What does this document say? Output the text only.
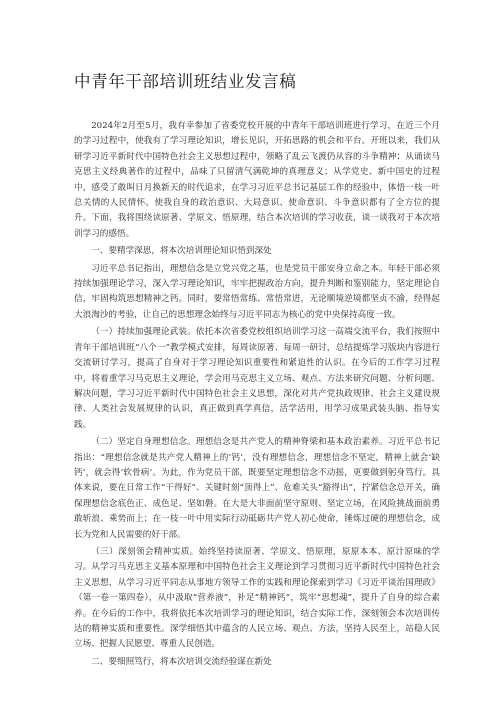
中青年干部培训班结业发言稿

2024年2月至5月，我有幸参加了省委党校开展的中青年干部培训班进行学习，在近三个月的学习过程中，使我有了学习理论知识，增长见识，开拓思路的机会和平台。开班以来，我们从研学习近平新时代中国特色社会主义思想过程中，领略了乱云飞渡仍从容的斗争精神；从诵读马克思主义经典著作的过程中，品味了只留清气满乾坤的真理意义；从学党史、新中国史的过程中，感受了敢叫日月换新天的时代追求，在学习习近平总书记基层工作的经验中，体悟一枝一叶总关情的人民情怀。使我自身的政治意识、大局意识、使命意识、斗争意识都有了全方位的提升。下面，我将围绕读原著、学原文、悟原理，结合本次培训的学习收获，谈一谈我对于本次培训学习的感悟。

一、要精学深思，将本次培训理论知识悟到深处

习近平总书记指出，理想信念是立党兴党之基，也是党员干部安身立命之本。年轻干部必须持续加强理论学习，深入学习理论知识，牢牢把握政治方向，提升判断和鉴别能力，坚定理论自信，牢固构筑思想精神之钙。同时，要常悟常练、常悟常进，无论顺境逆境都坚贞不渝，经得起大浪淘沙的考验，让自己的思想理念始终与习近平同志为核心的党中央保持高度一致。

（一）持续加强理论武装。依托本次省委党校组织培训学习这一高端交流平台，我们按照中青年干部培训班“八个一”教学模式安排，每周读原著、每周一研讨，总结提炼学习版块内容进行交流研讨学习，提高了自身对于学习理论知识重要性和紧迫性的认识。在今后的工作学习过程中，将着重学习马克思主义理论，学会用马克思主义立场、观点、方法来研究问题、分析问题、解决问题，学习习近平新时代中国特色社会主义思想，深化对共产党执政规律、社会主义建设规律、人类社会发展规律的认识，真正做到真学真信，活学活用，用学习成果武装头脑、指导实践。

（二）坚定自身理想信念。理想信念是共产党人的精神脊梁和基本政治素养。习近平总书记指出：“理想信念就是共产党人精神上的‘钙’，没有理想信念，理想信念不坚定，精神上就会‘缺钙’，就会得‘软骨病’。为此，作为党员干部，既要坚定理想信念不动摇，更要做到躬身笃行。具体来说，要在日常工作“干得好”、关键时刻“顶得上”、危难关头“豁得出”，拧紧信念总开关，确保理想信念底色正、成色足、坚如磐。在大是大非面前坚守原则、坚定立场，在风险挑战面前勇敢斩浪、乘势而上；在一枝一叶中用实际行动砥砺共产党人初心使命，锤炼过硬的理想信念，成长为党和人民需要的好干部。

（三）深刻领会精神实质。始终坚持读原著、学原文、悟原理，原原本本、原汁原味的学习。从学习马克思主义基本原理和中国特色社会主义理论到学习贯彻习近平新时代中国特色社会主义思想，从学习习近平同志从事地方领导工作的实践和理论探索到学习《习近平谈治国理政》（第一卷一第四卷），从中汲取“营养液”，补足“精神钙”，筑牢“思想魂”，提升了自身的综合素养。在今后的工作中，我将依托本次培训学习的理论知识，结合实际工作，深刻领会本次培训传达的精神实质和重要性。深学细悟其中蕴含的人民立场、观点、方法，坚持人民至上，站稳人民立场、把握人民愿望、尊重人民创造。

二、要细照笃行，将本次培训交流经验谋在新处
